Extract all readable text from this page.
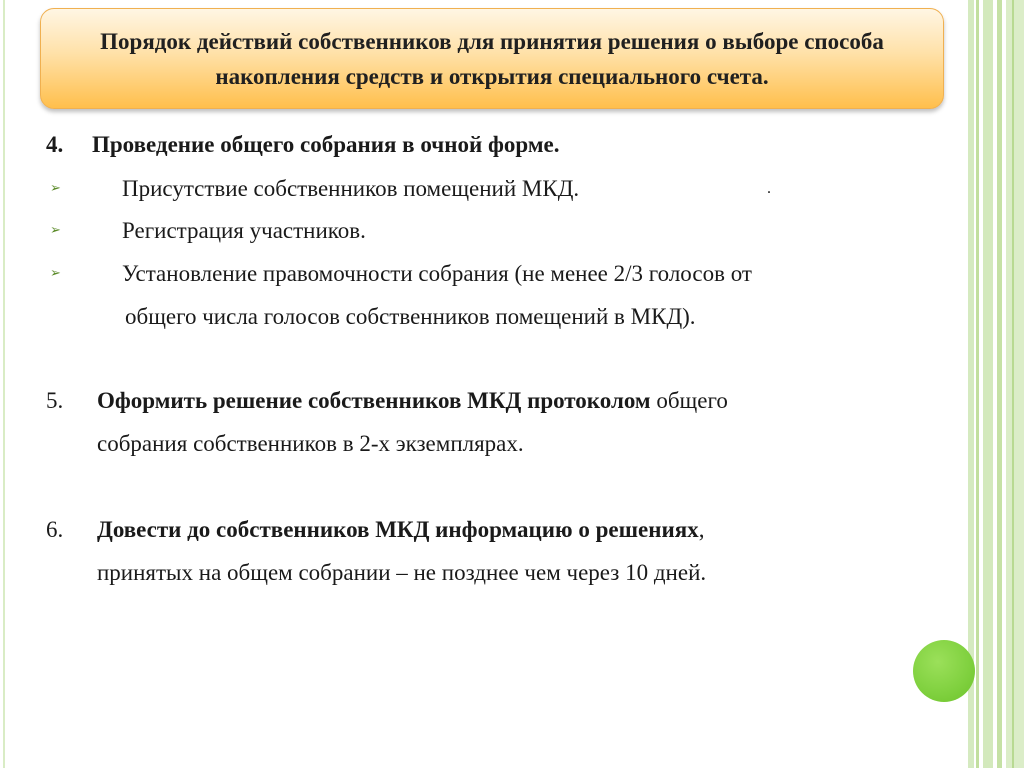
Порядок действий собственников для принятия решения о выборе способа накопления средств и открытия специального счета.
4. Проведение общего собрания в очной форме.
➢	Присутствие собственников помещений МКД.	.
➢	Регистрация участников.
➢	Установление правомочности собрания (не менее 2/3 голосов от
общего числа голосов собственников помещений в МКД).
5. Оформить решение собственников МКД протоколом общего
собрания собственников в 2-х экземплярах.
6. Довести до собственников МКД информацию о решениях,
принятых на общем собрании – не позднее чем через 10 дней.
